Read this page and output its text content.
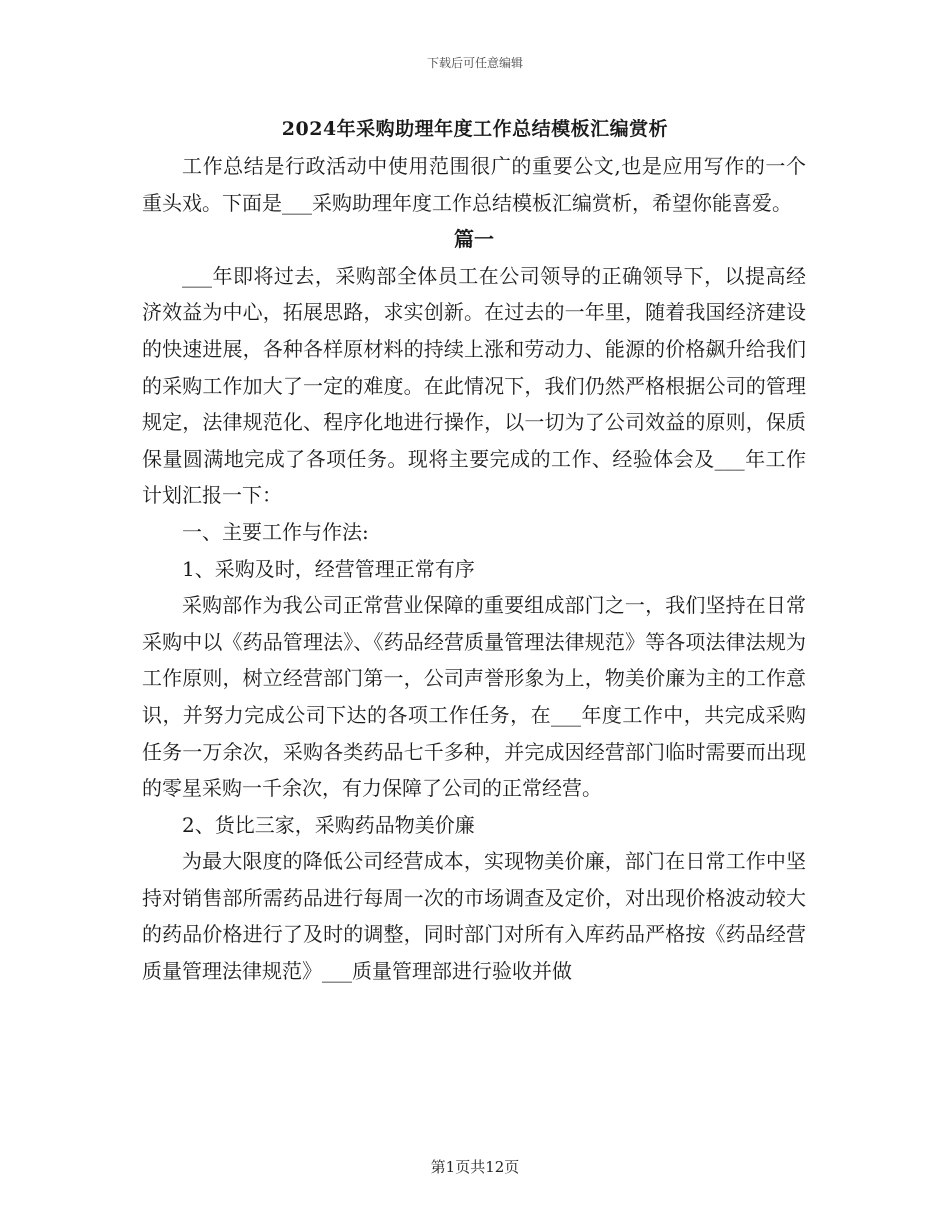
下载后可任意编辑
2024年采购助理年度工作总结模板汇编赏析

工作总结是行政活动中使用范围很广的重要公文,也是应用写作的一个重头戏。下面是___采购助理年度工作总结模板汇编赏析，希望你能喜爱。

篇一

___年即将过去，采购部全体员工在公司领导的正确领导下，以提高经济效益为中心，拓展思路，求实创新。在过去的一年里，随着我国经济建设的快速进展，各种各样原材料的持续上涨和劳动力、能源的价格飙升给我们的采购工作加大了一定的难度。在此情况下，我们仍然严格根据公司的管理规定，法律规范化、程序化地进行操作，以一切为了公司效益的原则，保质保量圆满地完成了各项任务。现将主要完成的工作、经验体会及___年工作计划汇报一下：

一、主要工作与作法:

1、采购及时，经营管理正常有序

采购部作为我公司正常营业保障的重要组成部门之一，我们坚持在日常采购中以《药品管理法》、《药品经营质量管理法律规范》等各项法律法规为工作原则，树立经营部门第一，公司声誉形象为上，物美价廉为主的工作意识，并努力完成公司下达的各项工作任务，在___年度工作中，共完成采购任务一万余次，采购各类药品七千多种，并完成因经营部门临时需要而出现的零星采购一千余次，有力保障了公司的正常经营。

2、货比三家，采购药品物美价廉

为最大限度的降低公司经营成本，实现物美价廉，部门在日常工作中坚持对销售部所需药品进行每周一次的市场调查及定价，对出现价格波动较大的药品价格进行了及时的调整，同时部门对所有入库药品严格按《药品经营质量管理法律规范》___质量管理部进行验收并做

第1页共12页
